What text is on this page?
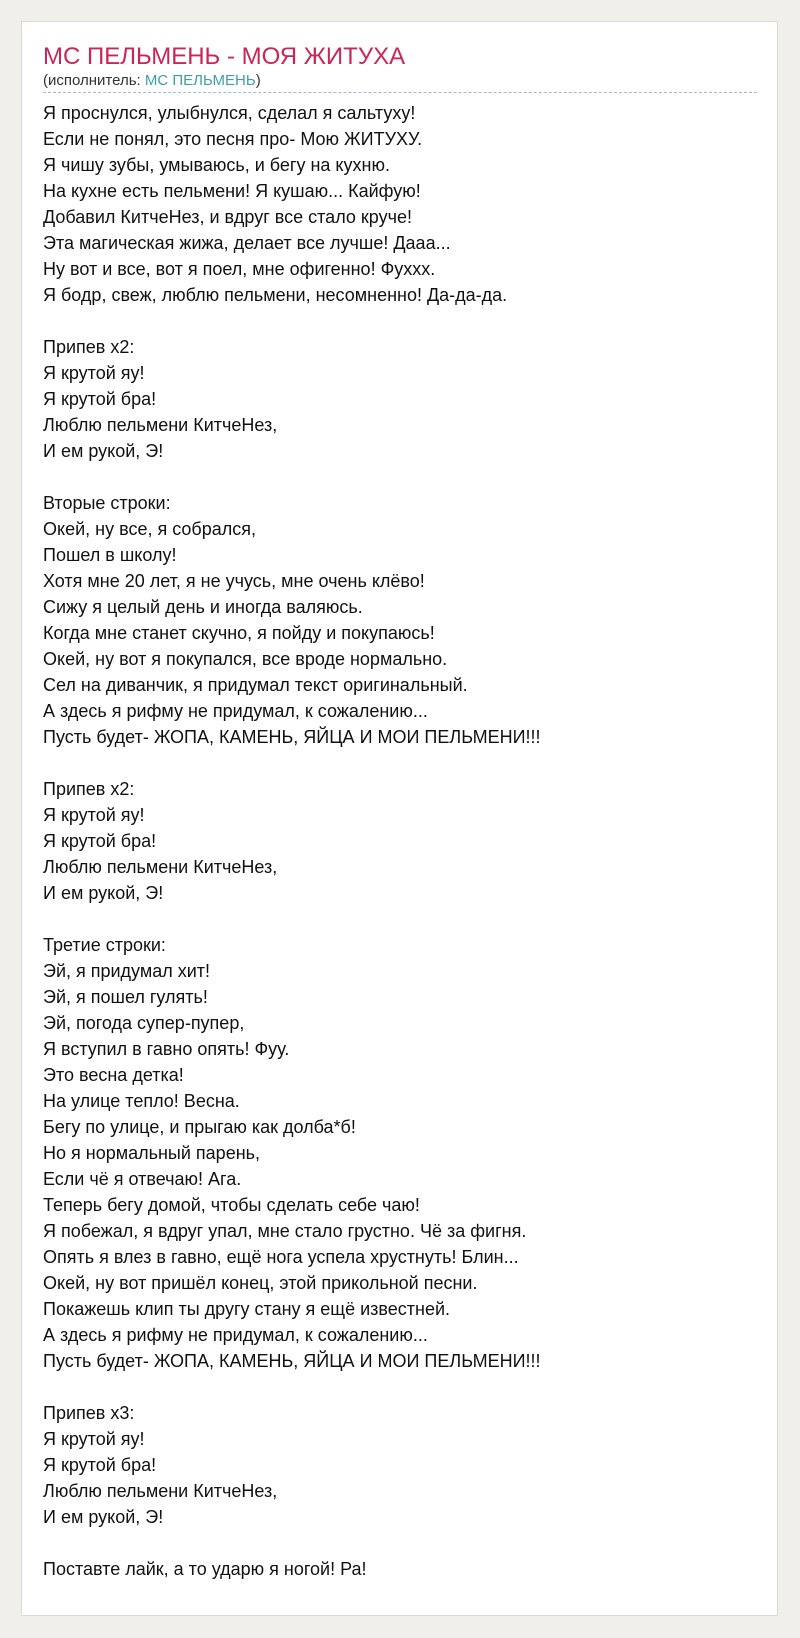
МС ПЕЛЬМЕНЬ - МОЯ ЖИТУХА
(исполнитель: МС ПЕЛЬМЕНЬ)
Я проснулся, улыбнулся, сделал я сальтуху!
Если не понял, это песня про- Мою ЖИТУХУ.
Я чишу зубы, умываюсь, и бегу на кухню.
На кухне есть пельмени! Я кушаю... Кайфую!
Добавил КитчеНез, и вдруг все стало круче!
Эта магическая жижа, делает все лучше! Дааа...
Ну вот и все, вот я поел, мне офигенно! Фуххх.
Я бодр, свеж, люблю пельмени, несомненно! Да-да-да.
Припев x2:
Я крутой яу!
Я крутой бра!
Люблю пельмени КитчеНез,
И ем рукой, Э!
Вторые строки:
Окей, ну все, я собрался,
Пошел в школу!
Хотя мне 20 лет, я не учусь, мне очень клёво!
Сижу я целый день и иногда валяюсь.
Когда мне станет скучно, я пойду и покупаюсь!
Окей, ну вот я покупался, все вроде нормально.
Сел на диванчик, я придумал текст оригинальный.
А здесь я рифму не придумал, к сожалению...
Пусть будет- ЖОПА, КАМЕНЬ, ЯЙЦА И МОИ ПЕЛЬМЕНИ!!!
Припев x2:
Я крутой яу!
Я крутой бра!
Люблю пельмени КитчеНез,
И ем рукой, Э!
Третие строки:
Эй, я придумал хит!
Эй, я пошел гулять!
Эй, погода супер-пупер,
Я вступил в гавно опять! Фуу.
Это весна детка!
На улице тепло! Весна.
Бегу по улице, и прыгаю как долба*б!
Но я нормальный парень,
Если чё я отвечаю! Ага.
Теперь бегу домой, чтобы сделать себе чаю!
Я побежал, я вдруг упал, мне стало грустно. Чё за фигня.
Опять я влез в гавно, ещё нога успела хрустнуть! Блин...
Окей, ну вот пришёл конец, этой прикольной песни.
Покажешь клип ты другу стану я ещё известней.
А здесь я рифму не придумал, к сожалению...
Пусть будет- ЖОПА, КАМЕНЬ, ЯЙЦА И МОИ ПЕЛЬМЕНИ!!!
Припев x3:
Я крутой яу!
Я крутой бра!
Люблю пельмени КитчеНез,
И ем рукой, Э!
Поставте лайк, а то ударю я ногой! Ра!
